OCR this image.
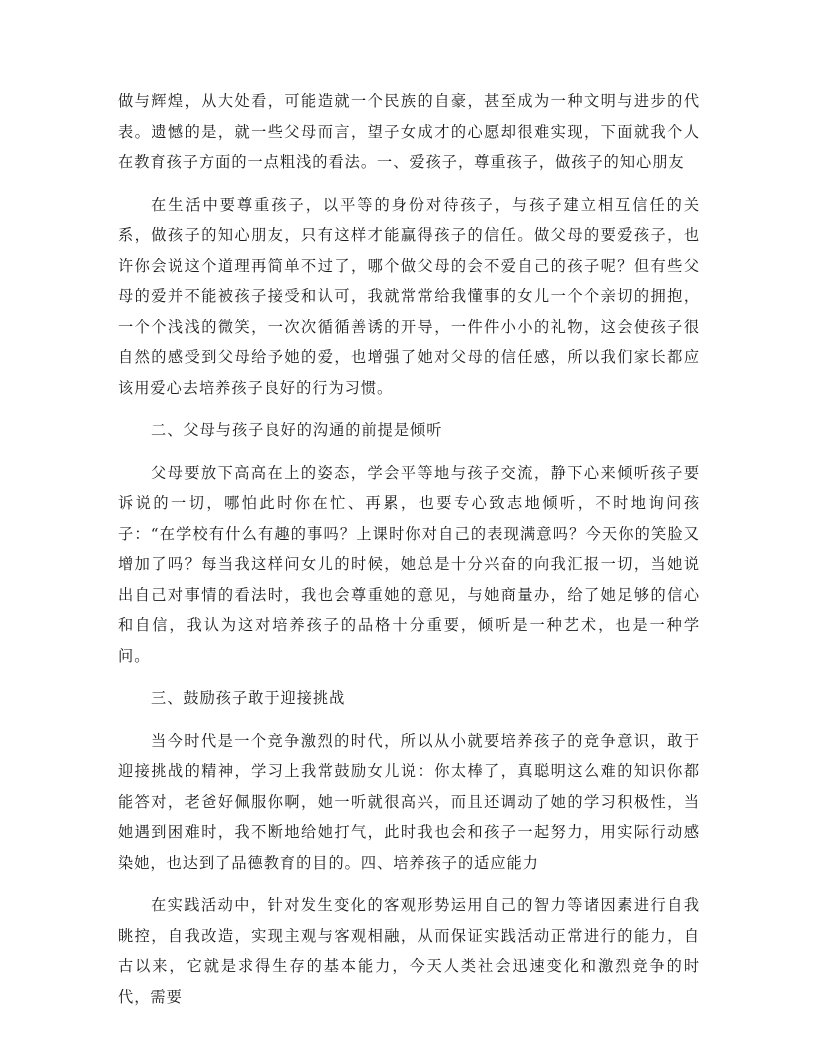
做与辉煌，从大处看，可能造就一个民族的自豪，甚至成为一种文明与进步的代表。遗憾的是，就一些父母而言，望子女成才的心愿却很难实现，下面就我个人在教育孩子方面的一点粗浅的看法。一、爱孩子，尊重孩子，做孩子的知心朋友

在生活中要尊重孩子，以平等的身份对待孩子，与孩子建立相互信任的关系，做孩子的知心朋友，只有这样才能赢得孩子的信任。做父母的要爱孩子，也许你会说这个道理再简单不过了，哪个做父母的会不爱自己的孩子呢？但有些父母的爱并不能被孩子接受和认可，我就常常给我懂事的女儿一个个亲切的拥抱，一个个浅浅的微笑，一次次循循善诱的开导，一件件小小的礼物，这会使孩子很自然的感受到父母给予她的爱，也增强了她对父母的信任感，所以我们家长都应该用爱心去培养孩子良好的行为习惯。

二、父母与孩子良好的沟通的前提是倾听

父母要放下高高在上的姿态，学会平等地与孩子交流，静下心来倾听孩子要诉说的一切，哪怕此时你在忙、再累，也要专心致志地倾听，不时地询问孩子：“在学校有什么有趣的事吗？上课时你对自己的表现满意吗？今天你的笑脸又增加了吗？每当我这样问女儿的时候，她总是十分兴奋的向我汇报一切，当她说出自己对事情的看法时，我也会尊重她的意见，与她商量办，给了她足够的信心和自信，我认为这对培养孩子的品格十分重要，倾听是一种艺术，也是一种学问。

三、鼓励孩子敢于迎接挑战

当今时代是一个竞争激烈的时代，所以从小就要培养孩子的竞争意识，敢于迎接挑战的精神，学习上我常鼓励女儿说：你太棒了，真聪明这么难的知识你都能答对，老爸好佩服你啊，她一听就很高兴，而且还调动了她的学习积极性，当她遇到困难时，我不断地给她打气，此时我也会和孩子一起努力，用实际行动感染她，也达到了品德教育的目的。四、培养孩子的适应能力

在实践活动中，针对发生变化的客观形势运用自己的智力等诸因素进行自我眺控，自我改造，实现主观与客观相融，从而保证实践活动正常进行的能力，自古以来，它就是求得生存的基本能力，今天人类社会迅速变化和激烈竞争的时代，需要
